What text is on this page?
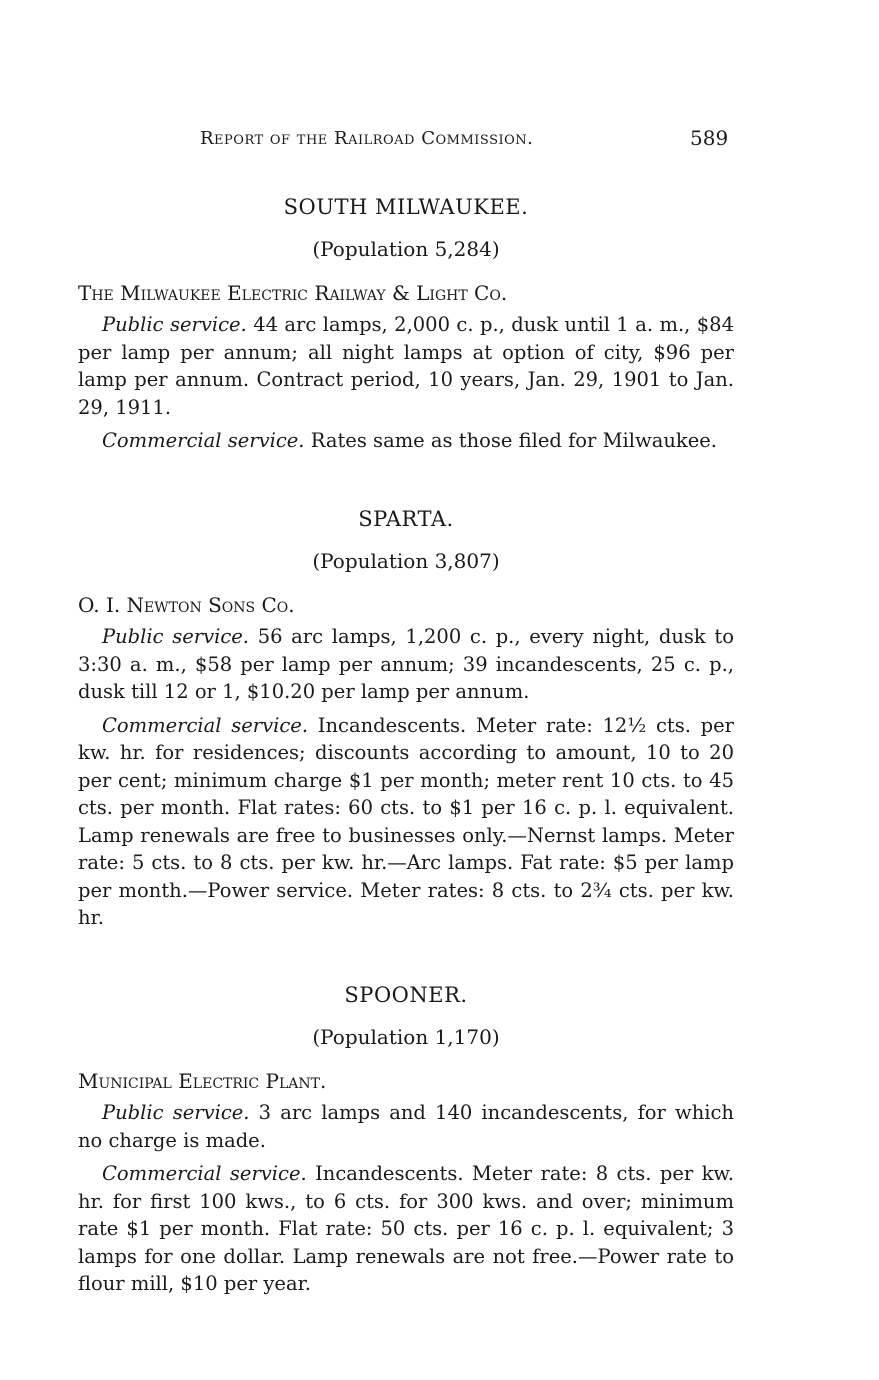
Report of the Railroad Commission.	589

SOUTH MILWAUKEE.

(Population 5,284)

The Milwaukee Electric Railway & Light Co.

Public service. 44 arc lamps, 2,000 c. p., dusk until 1 a. m., $84 per lamp per annum; all night lamps at option of city, $96 per lamp per annum. Contract period, 10 years, Jan. 29, 1901 to Jan. 29, 1911.

Commercial service. Rates same as those filed for Milwaukee.

SPARTA.

(Population 3,807)

O. I. Newton Sons Co.

Public service. 56 arc lamps, 1,200 c. p., every night, dusk to 3:30 a. m., $58 per lamp per annum; 39 incandescents, 25 c. p., dusk till 12 or 1, $10.20 per lamp per annum.

Commercial service. Incandescents. Meter rate: 12½ cts. per kw. hr. for residences; discounts according to amount, 10 to 20 per cent; minimum charge $1 per month; meter rent 10 cts. to 45 cts. per month. Flat rates: 60 cts. to $1 per 16 c. p. l. equivalent. Lamp renewals are free to businesses only.—Nernst lamps. Meter rate: 5 cts. to 8 cts. per kw. hr.—Arc lamps. Fat rate: $5 per lamp per month.—Power service. Meter rates: 8 cts. to 2¾ cts. per kw. hr.

SPOONER.

(Population 1,170)

Municipal Electric Plant.

Public service. 3 arc lamps and 140 incandescents, for which no charge is made.

Commercial service. Incandescents. Meter rate: 8 cts. per kw. hr. for first 100 kws., to 6 cts. for 300 kws. and over; minimum rate $1 per month. Flat rate: 50 cts. per 16 c. p. l. equivalent; 3 lamps for one dollar. Lamp renewals are not free.—Power rate to flour mill, $10 per year.
